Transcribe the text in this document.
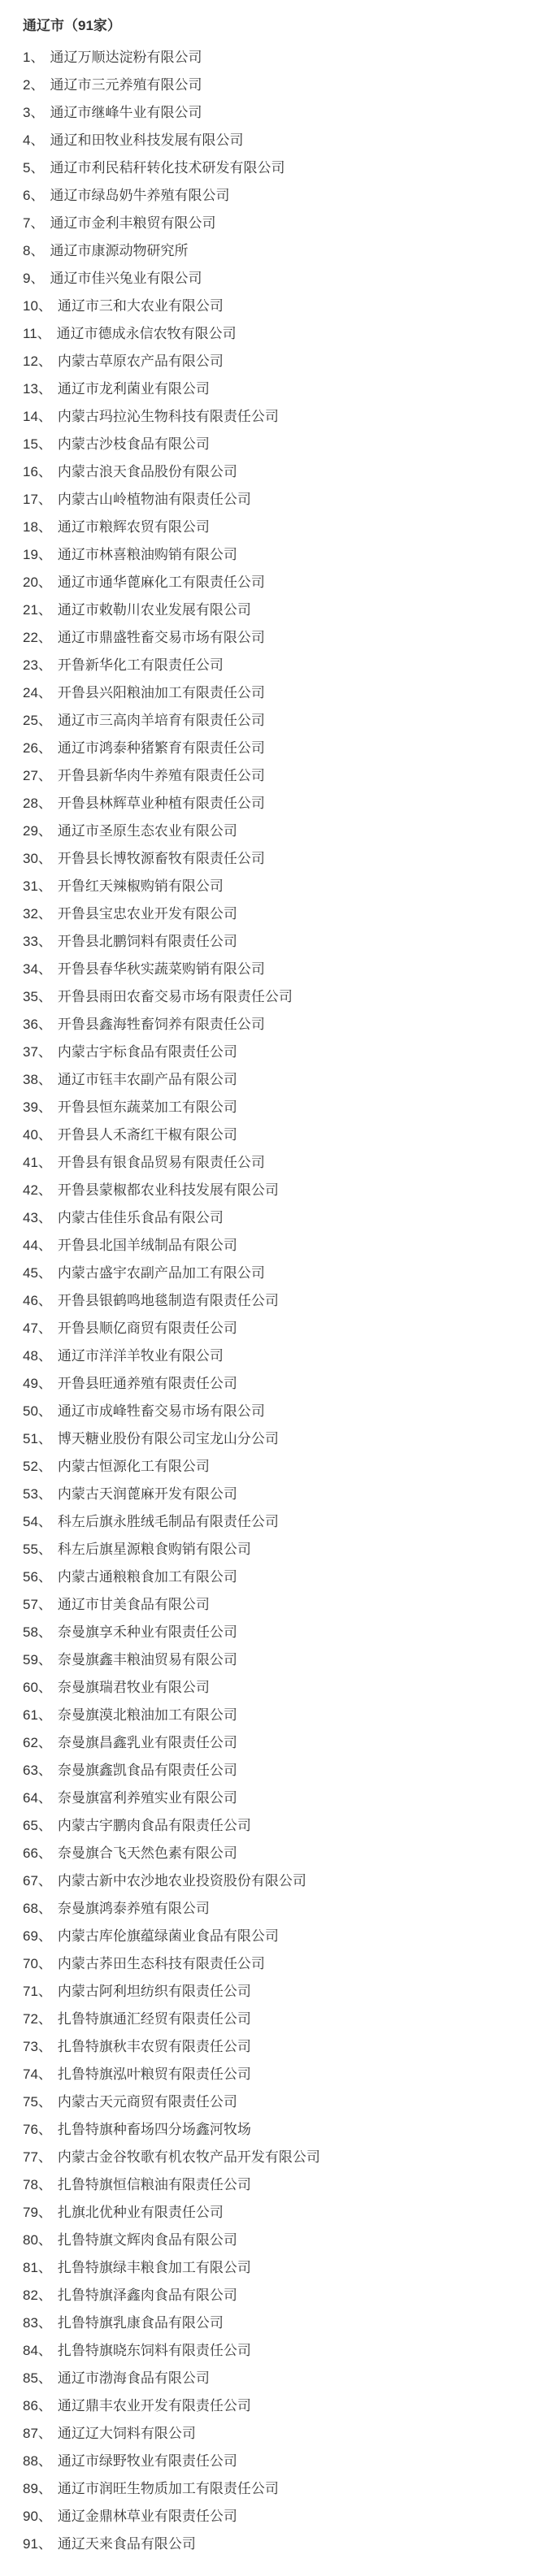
通辽市（91家）
1、 通辽万顺达淀粉有限公司
2、 通辽市三元养殖有限公司
3、 通辽市继峰牛业有限公司
4、 通辽和田牧业科技发展有限公司
5、 通辽市利民秸秆转化技术研发有限公司
6、 通辽市绿岛奶牛养殖有限公司
7、 通辽市金利丰粮贸有限公司
8、 通辽市康源动物研究所
9、 通辽市佳兴兔业有限公司
10、 通辽市三和大农业有限公司
11、 通辽市德成永信农牧有限公司
12、 内蒙古草原农产品有限公司
13、 通辽市龙利菌业有限公司
14、 内蒙古玛拉沁生物科技有限责任公司
15、 内蒙古沙枝食品有限公司
16、 内蒙古浪天食品股份有限公司
17、 内蒙古山岭植物油有限责任公司
18、 通辽市粮辉农贸有限公司
19、 通辽市林喜粮油购销有限公司
20、 通辽市通华蓖麻化工有限责任公司
21、 通辽市敕勒川农业发展有限公司
22、 通辽市鼎盛牲畜交易市场有限公司
23、 开鲁新华化工有限责任公司
24、 开鲁县兴阳粮油加工有限责任公司
25、 通辽市三高肉羊培育有限责任公司
26、 通辽市鸿泰种猪繁育有限责任公司
27、 开鲁县新华肉牛养殖有限责任公司
28、 开鲁县林辉草业种植有限责任公司
29、 通辽市圣原生态农业有限公司
30、 开鲁县长博牧源畜牧有限责任公司
31、 开鲁红天辣椒购销有限公司
32、 开鲁县宝忠农业开发有限公司
33、 开鲁县北鹏饲料有限责任公司
34、 开鲁县春华秋实蔬菜购销有限公司
35、 开鲁县雨田农畜交易市场有限责任公司
36、 开鲁县鑫海牲畜饲养有限责任公司
37、 内蒙古宇标食品有限责任公司
38、 通辽市钰丰农副产品有限公司
39、 开鲁县恒东蔬菜加工有限公司
40、 开鲁县人禾斋红干椒有限公司
41、 开鲁县有银食品贸易有限责任公司
42、 开鲁县蒙椒都农业科技发展有限公司
43、 内蒙古佳佳乐食品有限公司
44、 开鲁县北国羊绒制品有限公司
45、 内蒙古盛宇农副产品加工有限公司
46、 开鲁县银鹤鸣地毯制造有限责任公司
47、 开鲁县顺亿商贸有限责任公司
48、 通辽市洋洋羊牧业有限公司
49、 开鲁县旺通养殖有限责任公司
50、 通辽市成峰牲畜交易市场有限公司
51、 博天糖业股份有限公司宝龙山分公司
52、 内蒙古恒源化工有限公司
53、 内蒙古天润蓖麻开发有限公司
54、 科左后旗永胜绒毛制品有限责任公司
55、 科左后旗星源粮食购销有限公司
56、 内蒙古通粮粮食加工有限公司
57、 通辽市甘美食品有限公司
58、 奈曼旗享禾种业有限责任公司
59、 奈曼旗鑫丰粮油贸易有限公司
60、 奈曼旗瑞君牧业有限公司
61、 奈曼旗漠北粮油加工有限公司
62、 奈曼旗昌鑫乳业有限责任公司
63、 奈曼旗鑫凯食品有限责任公司
64、 奈曼旗富利养殖实业有限公司
65、 内蒙古宇鹏肉食品有限责任公司
66、 奈曼旗合飞天然色素有限公司
67、 内蒙古新中农沙地农业投资股份有限公司
68、 奈曼旗鸿泰养殖有限公司
69、 内蒙古库伦旗蕴绿菌业食品有限公司
70、 内蒙古荞田生态科技有限责任公司
71、 内蒙古阿利坦纺织有限责任公司
72、 扎鲁特旗通汇经贸有限责任公司
73、 扎鲁特旗秋丰农贸有限责任公司
74、 扎鲁特旗泓叶粮贸有限责任公司
75、 内蒙古天元商贸有限责任公司
76、 扎鲁特旗种畜场四分场鑫河牧场
77、 内蒙古金谷牧歌有机农牧产品开发有限公司
78、 扎鲁特旗恒信粮油有限责任公司
79、 扎旗北优种业有限责任公司
80、 扎鲁特旗文辉肉食品有限公司
81、 扎鲁特旗绿丰粮食加工有限公司
82、 扎鲁特旗泽鑫肉食品有限公司
83、 扎鲁特旗乳康食品有限公司
84、 扎鲁特旗晓东饲料有限责任公司
85、 通辽市渤海食品有限公司
86、 通辽鼎丰农业开发有限责任公司
87、 通辽辽大饲料有限公司
88、 通辽市绿野牧业有限责任公司
89、 通辽市润旺生物质加工有限责任公司
90、 通辽金鼎林草业有限责任公司
91、 通辽天来食品有限公司
